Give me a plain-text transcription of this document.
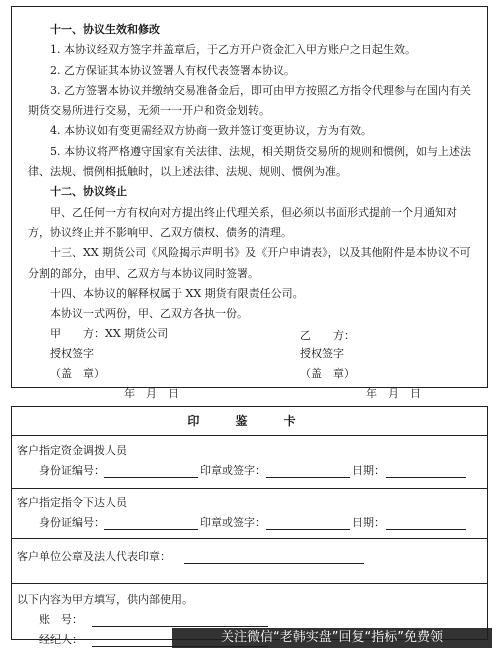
十一、协议生效和修改

1. 本协议经双方签字并盖章后，于乙方开户资金汇入甲方账户之日起生效。

2. 乙方保证其本协议签署人有权代表签署本协议。

3. 乙方签署本协议并缴纳交易准备金后，即可由甲方按照乙方指令代理参与在国内有关期货交易所进行交易，无须一一开户和资金划转。

4. 本协议如有变更需经双方协商一致并签订变更协议，方为有效。

5. 本协议将严格遵守国家有关法律、法规，相关期货交易所的规则和惯例，如与上述法律、法规、惯例相抵触时，以上述法律、法规、规则、惯例为准。

十二、协议终止

甲、乙任何一方有权向对方提出终止代理关系，但必须以书面形式提前一个月通知对方，协议终止并不影响甲、乙双方债权、债务的清理。

十三、XX 期货公司《风险揭示声明书》及《开户申请表》，以及其他附件是本协议不可分割的部分，由甲、乙双方与本协议同时签署。

十四、本协议的解释权属于 XX 期货有限责任公司。

本协议一式两份，甲、乙双方各执一份。

甲　　方：XX 期货公司	乙　　方：
授权签字	授权签字
（盖　章）	（盖　章）
年　月　日	年　月　日
印 鉴 卡
客户指定资金调拨人员
身份证编号：	印章或签字：	日期：
客户指定指令下达人员
身份证编号：	印章或签字：	日期：
客户单位公章及法人代表印章：
以下内容为甲方填写，供内部使用。
账　号：
经纪人：	关注微信“老韩实盘”回复“指标”免费领
